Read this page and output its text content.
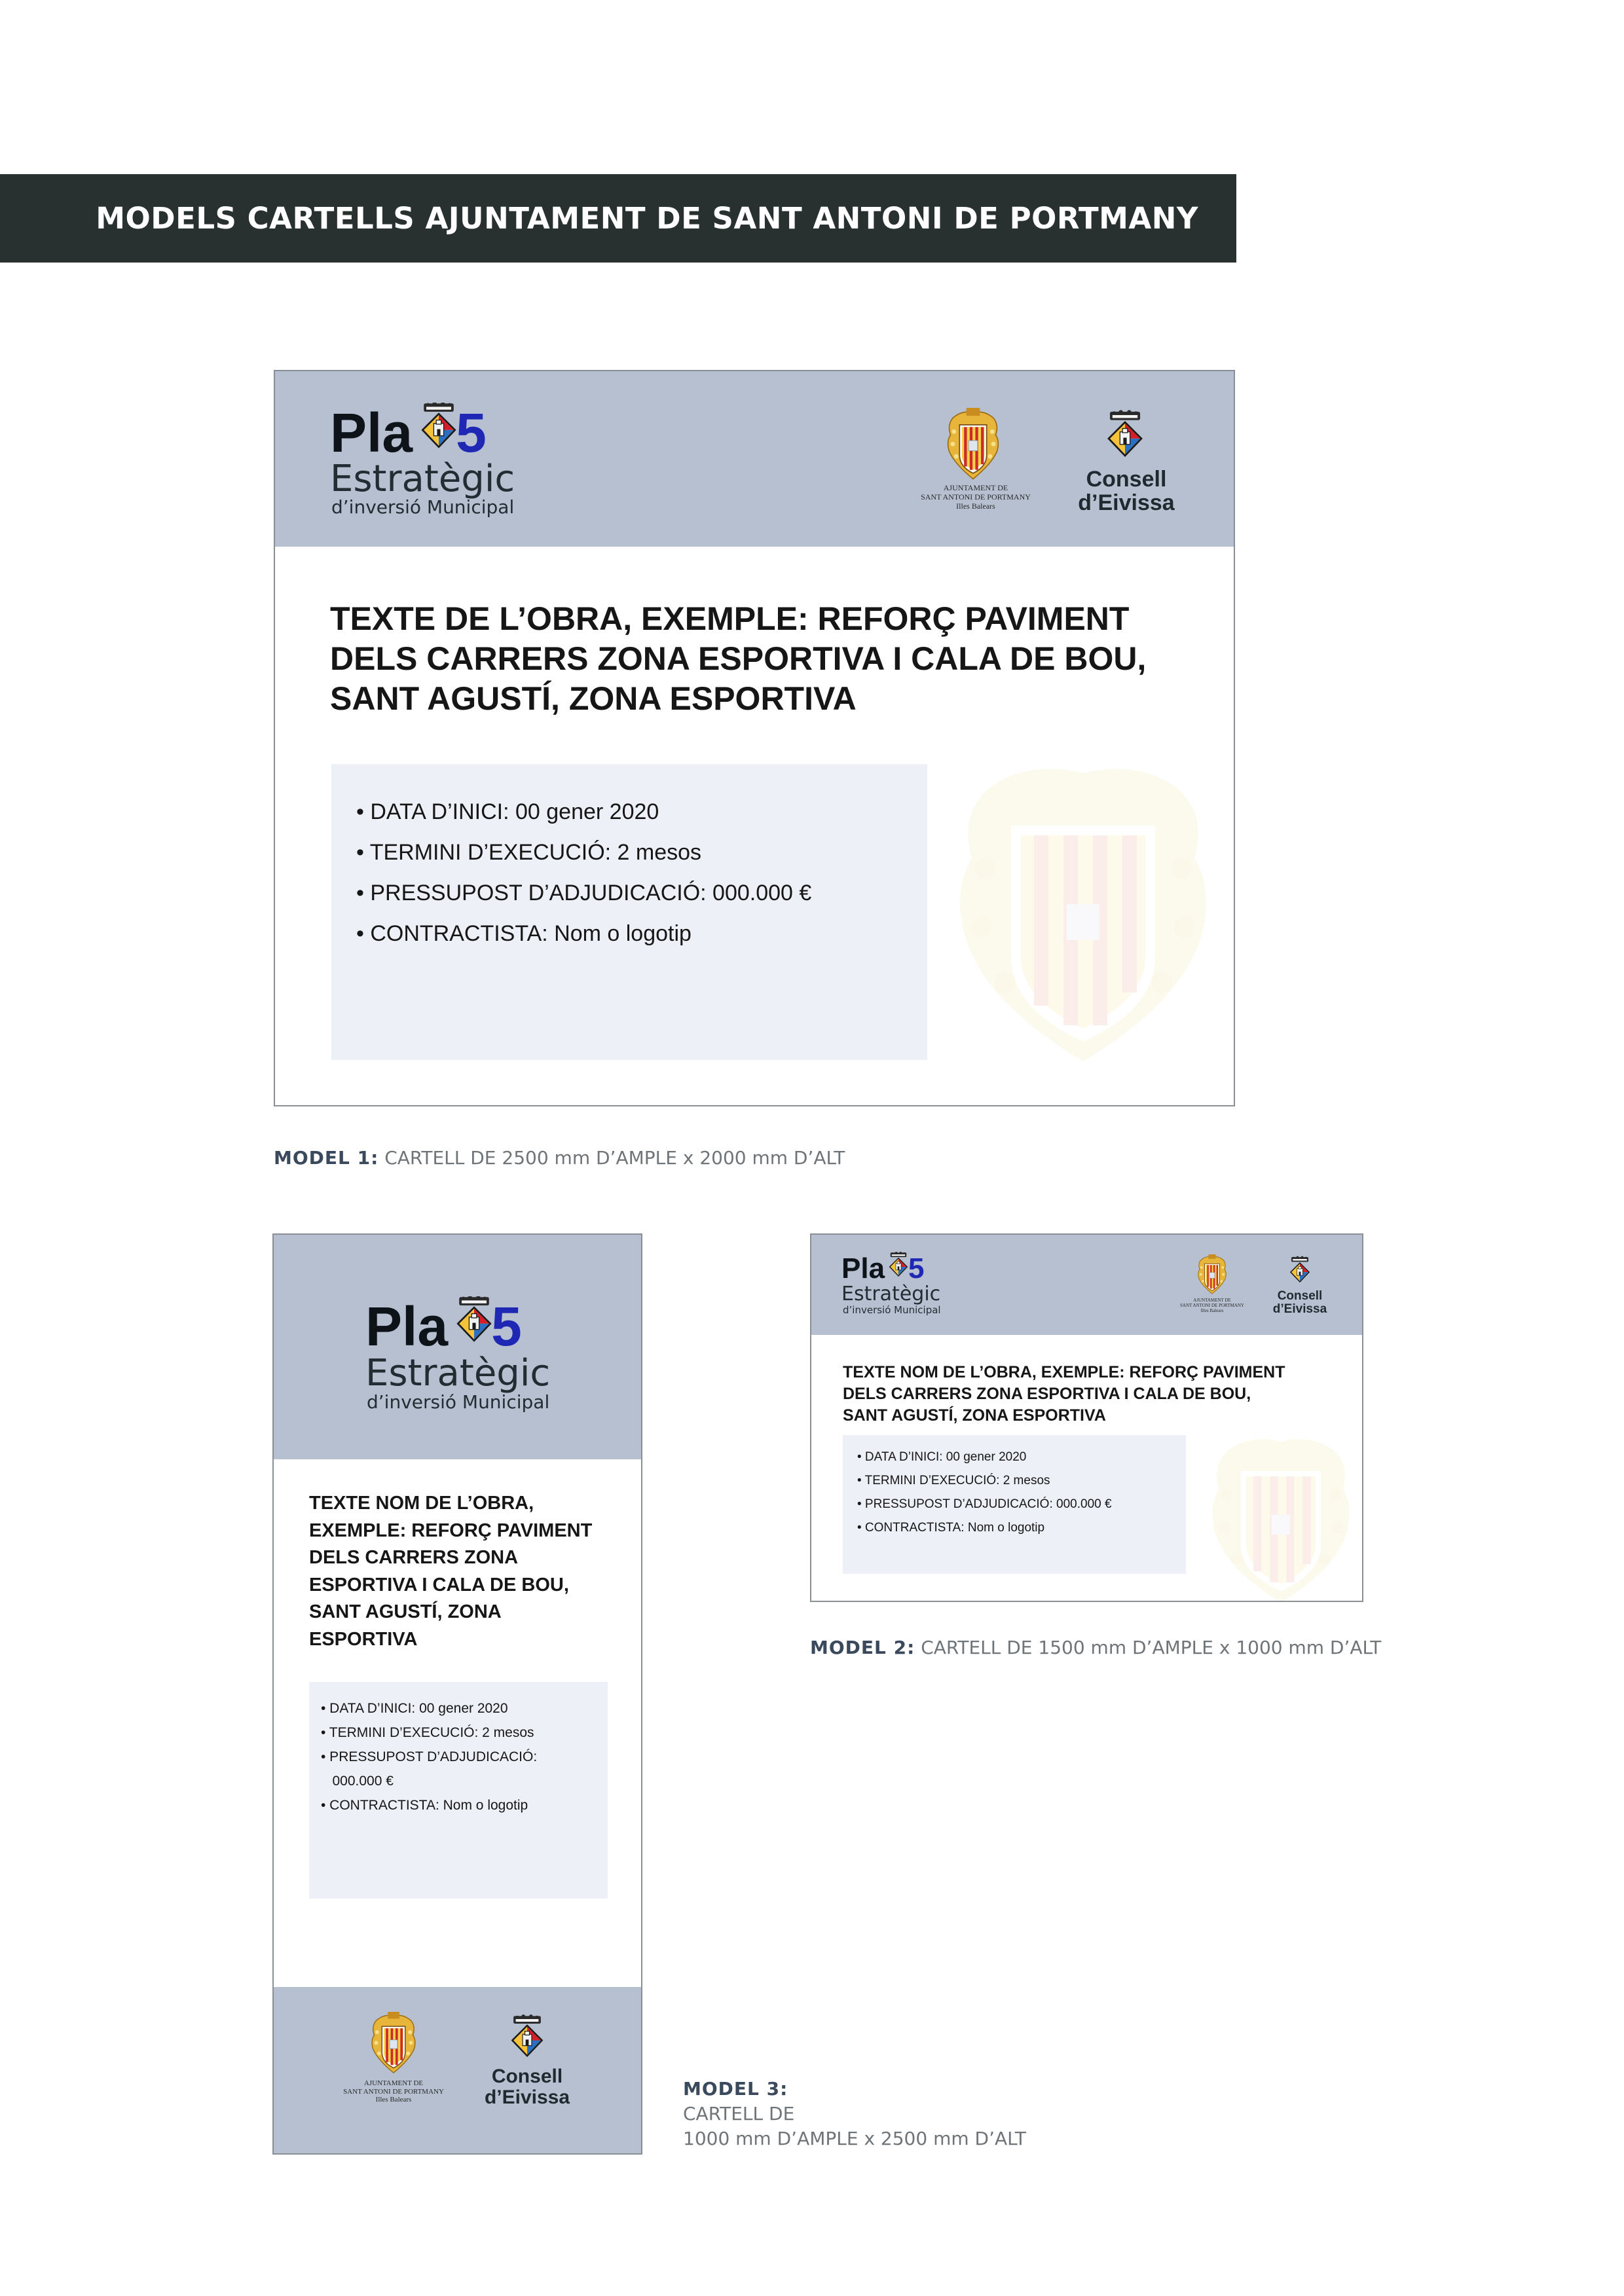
MODELS CARTELLS AJUNTAMENT DE SANT ANTONI DE PORTMANY
Pla 5
Estratègic
d’inversió Municipal
AJUNTAMENT DE
SANT ANTONI DE PORTMANY
Illes Balears
Consell
d’Eivissa
TEXTE DE L’OBRA, EXEMPLE: REFORÇ PAVIMENT
DELS CARRERS ZONA ESPORTIVA I CALA DE BOU,
SANT AGUSTÍ, ZONA ESPORTIVA
• DATA D’INICI: 00 gener 2020
• TERMINI D’EXECUCIÓ: 2 mesos
• PRESSUPOST D’ADJUDICACIÓ: 000.000 €
• CONTRACTISTA: Nom o logotip
MODEL 1: CARTELL DE 2500 mm D’AMPLE x 2000 mm D’ALT
Pla 5
Estratègic
d’inversió Municipal
AJUNTAMENT DE
SANT ANTONI DE PORTMANY
Illes Balears
Consell
d’Eivissa
TEXTE NOM DE L’OBRA, EXEMPLE: REFORÇ PAVIMENT
DELS CARRERS ZONA ESPORTIVA I CALA DE BOU,
SANT AGUSTÍ, ZONA ESPORTIVA
• DATA D’INICI: 00 gener 2020
• TERMINI D’EXECUCIÓ: 2 mesos
• PRESSUPOST D’ADJUDICACIÓ: 000.000 €
• CONTRACTISTA: Nom o logotip
MODEL 2: CARTELL DE 1500 mm D’AMPLE x 1000 mm D’ALT
Pla 5
Estratègic
d’inversió Municipal
TEXTE NOM DE L’OBRA,
EXEMPLE: REFORÇ PAVIMENT
DELS CARRERS ZONA
ESPORTIVA I CALA DE BOU,
SANT AGUSTÍ, ZONA
ESPORTIVA
• DATA D’INICI: 00 gener 2020
• TERMINI D’EXECUCIÓ: 2 mesos
• PRESSUPOST D’ADJUDICACIÓ:
000.000 €
• CONTRACTISTA: Nom o logotip
AJUNTAMENT DE
SANT ANTONI DE PORTMANY
Illes Balears
Consell
d’Eivissa	MODEL 3:
CARTELL DE
1000 mm D’AMPLE x 2500 mm D’ALT
